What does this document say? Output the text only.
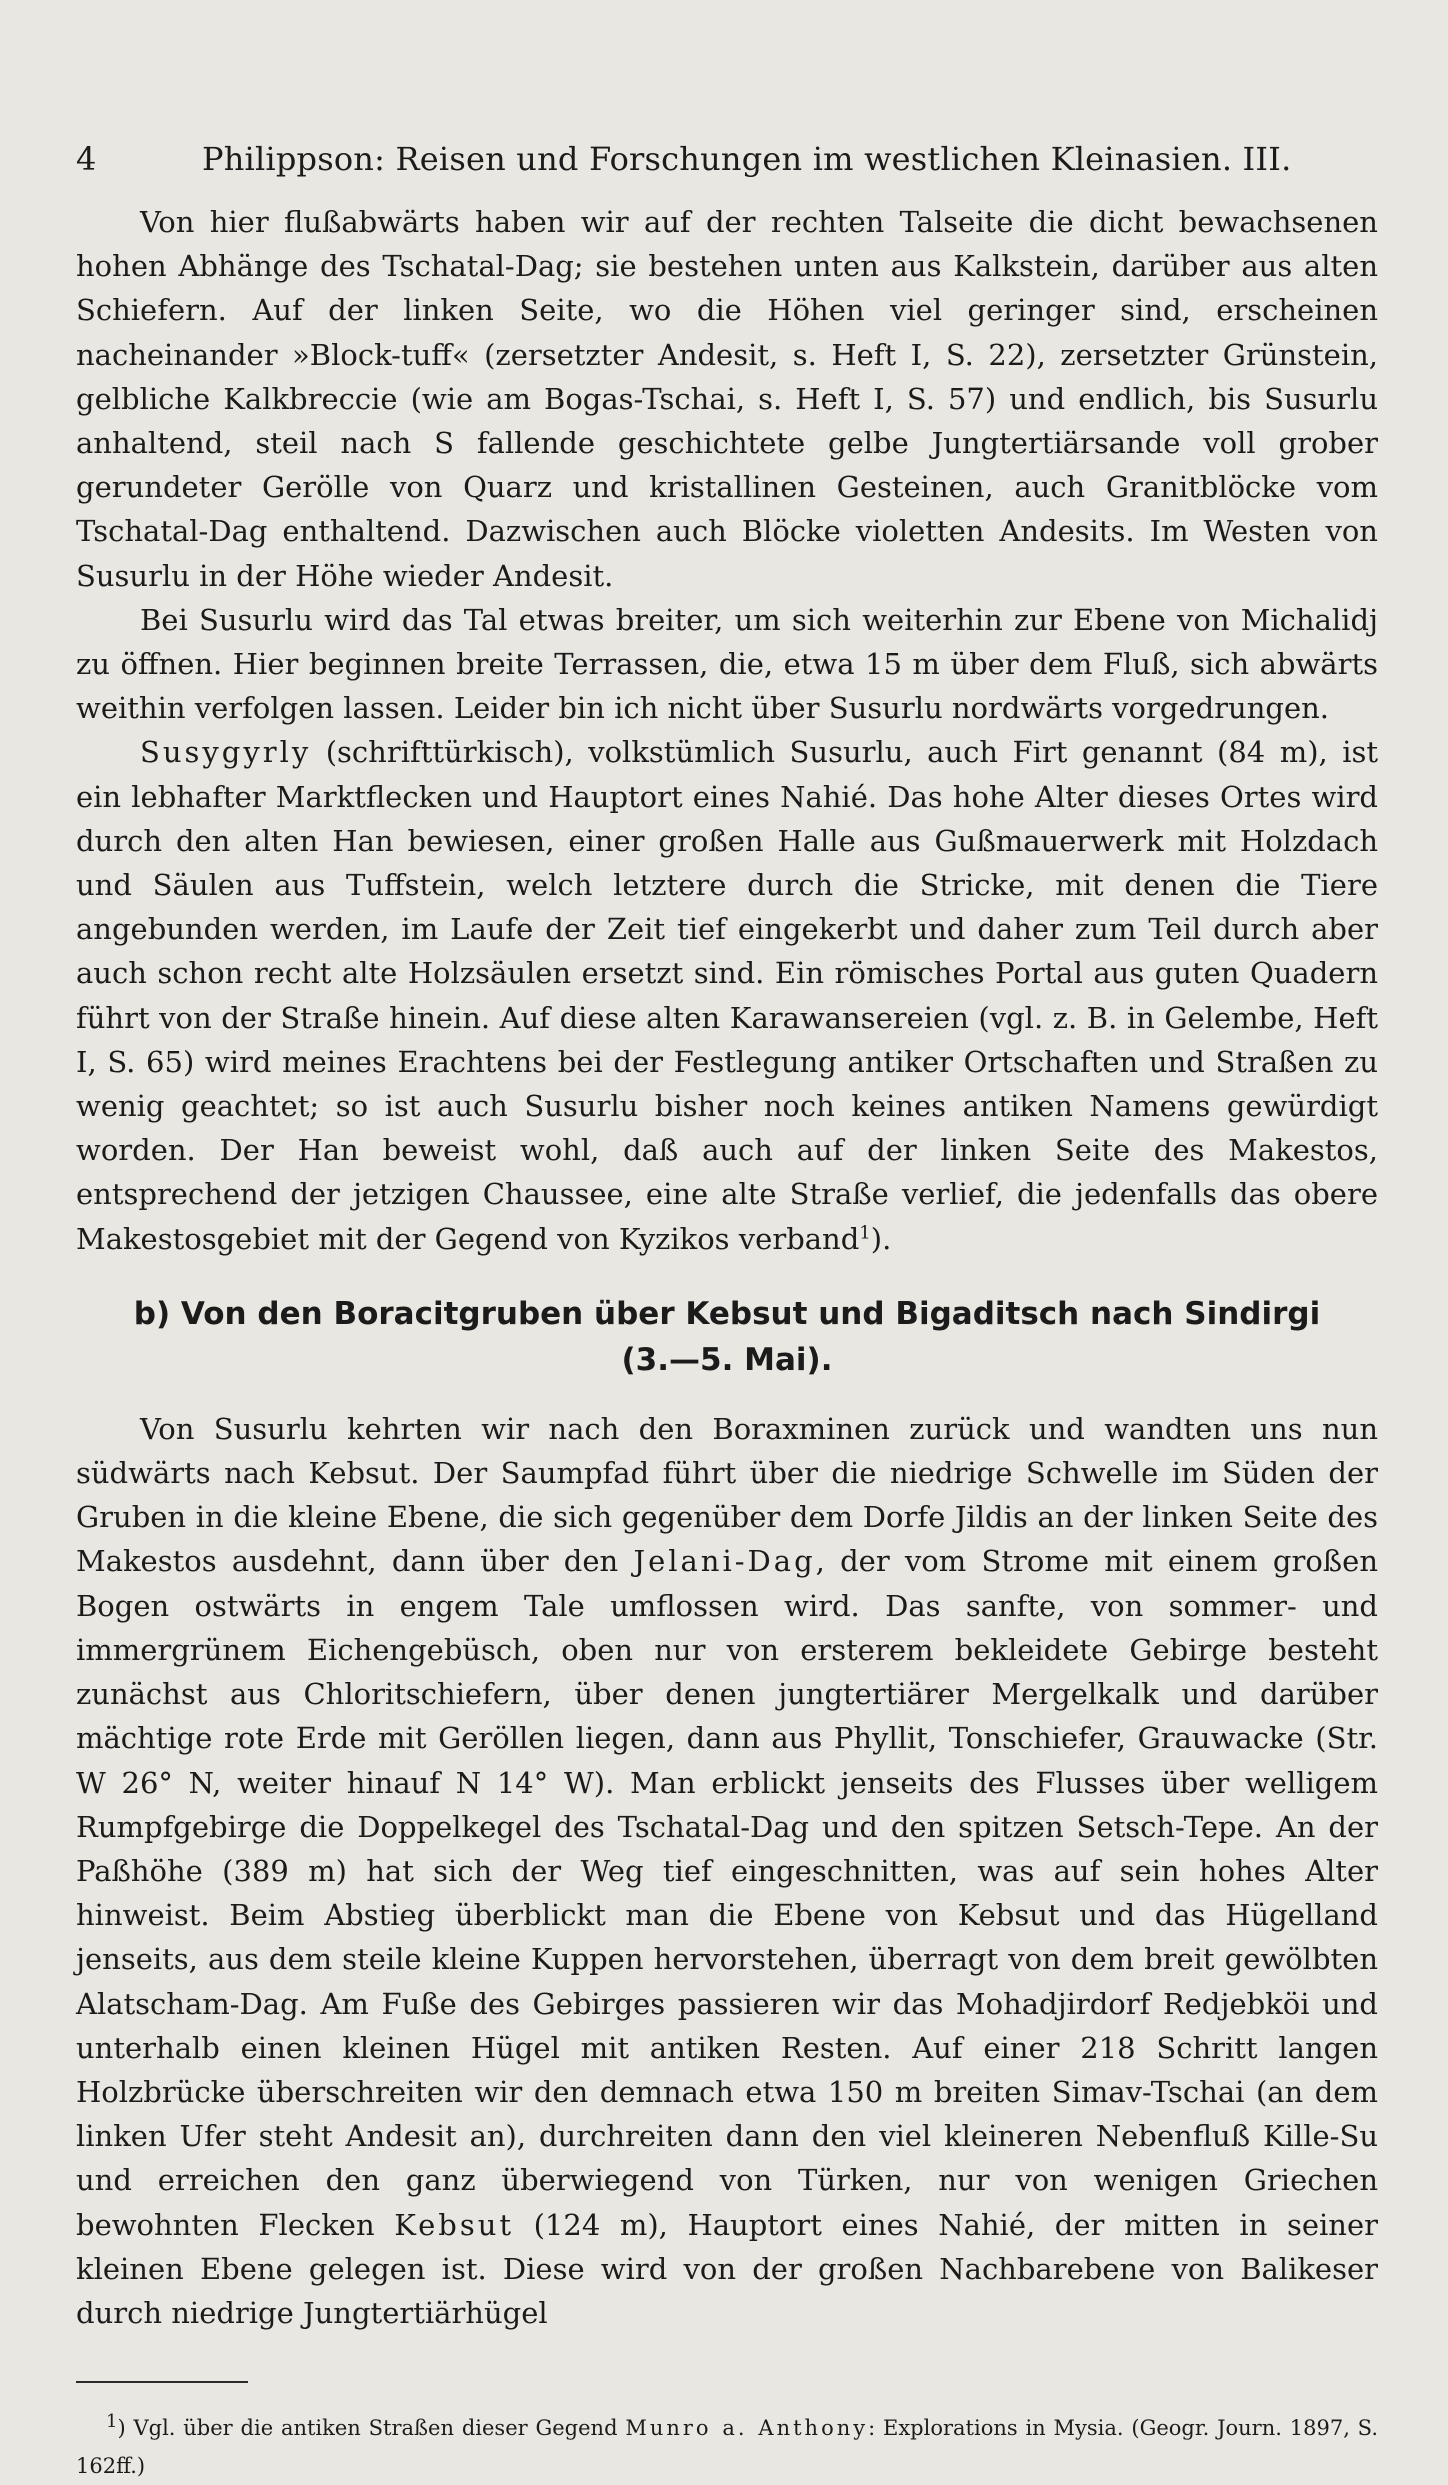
4	Philippson: Reisen und Forschungen im westlichen Kleinasien. III.

Von hier flußabwärts haben wir auf der rechten Talseite die dicht bewachsenen hohen Abhänge des Tschatal-Dag; sie bestehen unten aus Kalkstein, darüber aus alten Schiefern. Auf der linken Seite, wo die Höhen viel geringer sind, erscheinen nacheinander »Block-tuff« (zersetzter Andesit, s. Heft I, S. 22), zersetzter Grünstein, gelbliche Kalkbreccie (wie am Bogas-Tschai, s. Heft I, S. 57) und endlich, bis Susurlu anhaltend, steil nach S fallende geschichtete gelbe Jungtertiärsande voll grober gerundeter Gerölle von Quarz und kristallinen Gesteinen, auch Granitblöcke vom Tschatal-Dag enthaltend. Dazwischen auch Blöcke violetten Andesits. Im Westen von Susurlu in der Höhe wieder Andesit.

Bei Susurlu wird das Tal etwas breiter, um sich weiterhin zur Ebene von Michalidj zu öffnen. Hier beginnen breite Terrassen, die, etwa 15 m über dem Fluß, sich abwärts weithin verfolgen lassen. Leider bin ich nicht über Susurlu nordwärts vorgedrungen.

Susygyrly (schrifttürkisch), volkstümlich Susurlu, auch Firt genannt (84 m), ist ein lebhafter Marktflecken und Hauptort eines Nahié. Das hohe Alter dieses Ortes wird durch den alten Han bewiesen, einer großen Halle aus Gußmauerwerk mit Holzdach und Säulen aus Tuffstein, welch letztere durch die Stricke, mit denen die Tiere angebunden werden, im Laufe der Zeit tief eingekerbt und daher zum Teil durch aber auch schon recht alte Holzsäulen ersetzt sind. Ein römisches Portal aus guten Quadern führt von der Straße hinein. Auf diese alten Karawansereien (vgl. z. B. in Gelembe, Heft I, S. 65) wird meines Erachtens bei der Festlegung antiker Ortschaften und Straßen zu wenig geachtet; so ist auch Susurlu bisher noch keines antiken Namens gewürdigt worden. Der Han beweist wohl, daß auch auf der linken Seite des Makestos, entsprechend der jetzigen Chaussee, eine alte Straße verlief, die jedenfalls das obere Makestosgebiet mit der Gegend von Kyzikos verband$^1$).

b) Von den Boracitgruben über Kebsut und Bigaditsch nach Sindirgi
(3.—5. Mai).

Von Susurlu kehrten wir nach den Boraxminen zurück und wandten uns nun südwärts nach Kebsut. Der Saumpfad führt über die niedrige Schwelle im Süden der Gruben in die kleine Ebene, die sich gegenüber dem Dorfe Jildis an der linken Seite des Makestos ausdehnt, dann über den Jelani-Dag, der vom Strome mit einem großen Bogen ostwärts in engem Tale umflossen wird. Das sanfte, von sommer- und immergrünem Eichengebüsch, oben nur von ersterem bekleidete Gebirge besteht zunächst aus Chloritschiefern, über denen jungtertiärer Mergelkalk und darüber mächtige rote Erde mit Geröllen liegen, dann aus Phyllit, Tonschiefer, Grauwacke (Str. W 26° N, weiter hinauf N 14° W). Man erblickt jenseits des Flusses über welligem Rumpfgebirge die Doppelkegel des Tschatal-Dag und den spitzen Setsch-Tepe. An der Paßhöhe (389 m) hat sich der Weg tief eingeschnitten, was auf sein hohes Alter hinweist. Beim Abstieg überblickt man die Ebene von Kebsut und das Hügelland jenseits, aus dem steile kleine Kuppen hervorstehen, überragt von dem breit gewölbten Alatscham-Dag. Am Fuße des Gebirges passieren wir das Mohadjirdorf Redjebköi und unterhalb einen kleinen Hügel mit antiken Resten. Auf einer 218 Schritt langen Holzbrücke überschreiten wir den demnach etwa 150 m breiten Simav-Tschai (an dem linken Ufer steht Andesit an), durchreiten dann den viel kleineren Nebenfluß Kille-Su und erreichen den ganz überwiegend von Türken, nur von wenigen Griechen bewohnten Flecken Kebsut (124 m), Hauptort eines Nahié, der mitten in seiner kleinen Ebene gelegen ist. Diese wird von der großen Nachbarebene von Balikeser durch niedrige Jungtertiärhügel

$^1$) Vgl. über die antiken Straßen dieser Gegend Munro a. Anthony: Explorations in Mysia. (Geogr. Journ. 1897, S. 162ff.)
